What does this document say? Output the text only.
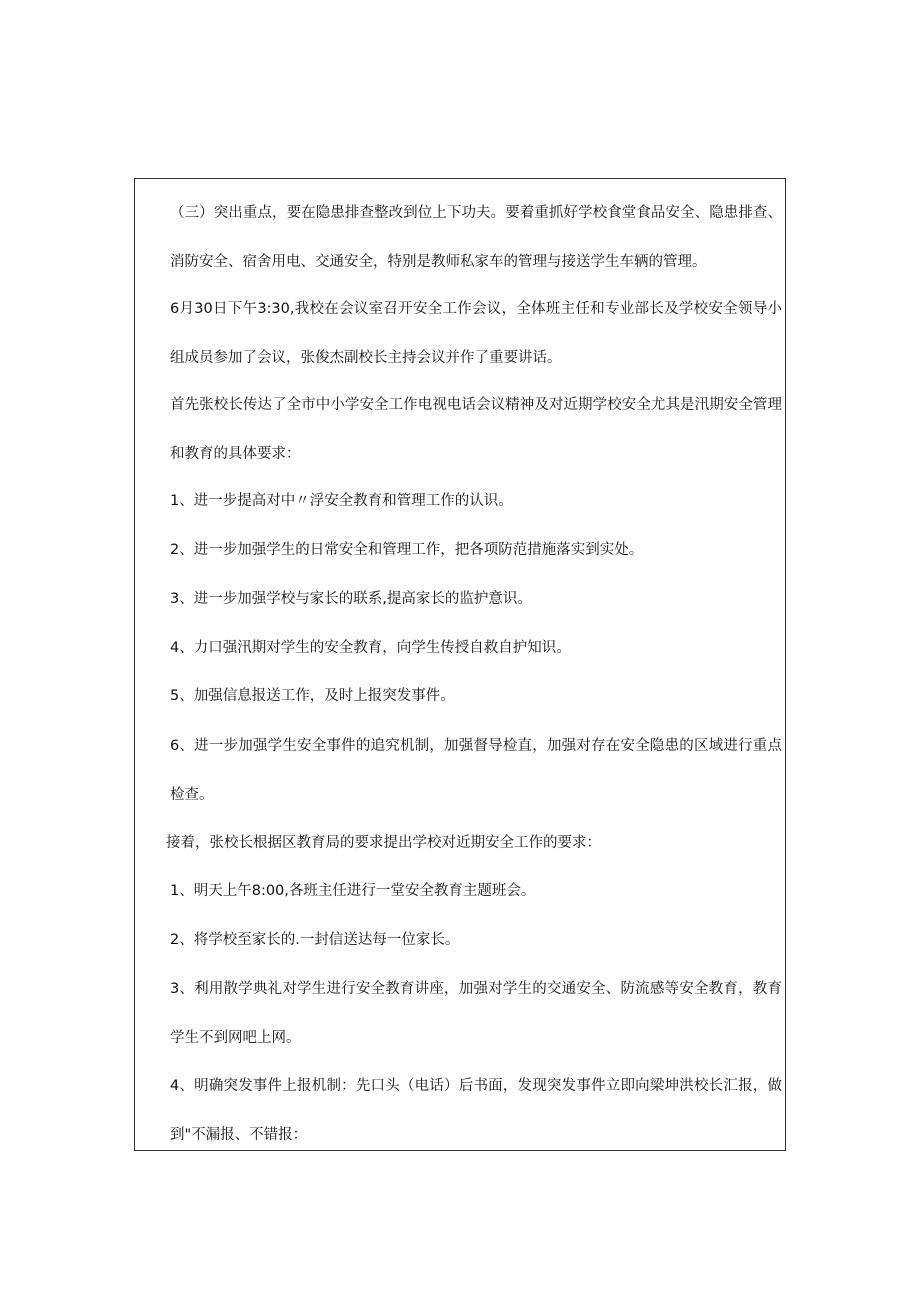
（三）突出重点，要在隐患排查整改到位上下功夫。要着重抓好学校食堂食品安全、隐患排查、消防安全、宿舍用电、交通安全，特别是教师私家车的管理与接送学生车辆的管理。

6月30日下午3:30,我校在会议室召开安全工作会议，全体班主任和专业部长及学校安全领导小组成员参加了会议，张俊杰副校长主持会议并作了重要讲话。

首先张校长传达了全市中小学安全工作电视电话会议精神及对近期学校安全尤其是汛期安全管理和教育的具体要求：

1、进一步提高对中〃浮安全教育和管理工作的认识。

2、进一步加强学生的日常安全和管理工作，把各项防范措施落实到实处。

3、进一步加强学校与家长的联系,提高家长的监护意识。

4、力口强汛期对学生的安全教育，向学生传授自救自护知识。

5、加强信息报送工作，及时上报突发事件。

6、进一步加强学生安全事件的追究机制，加强督导检直，加强对存在安全隐患的区域进行重点检查。

接着，张校长根据区教育局的要求提出学校对近期安全工作的要求：

1、明天上午8:00,各班主任进行一堂安全教育主题班会。

2、将学校至家长的.一封信送达每一位家长。

3、利用散学典礼对学生进行安全教育讲座，加强对学生的交通安全、防流感等安全教育，教育学生不到网吧上网。

4、明确突发事件上报机制：先口头（电话）后书面，发现突发事件立即向梁坤洪校长汇报，做到"不漏报、不错报：
